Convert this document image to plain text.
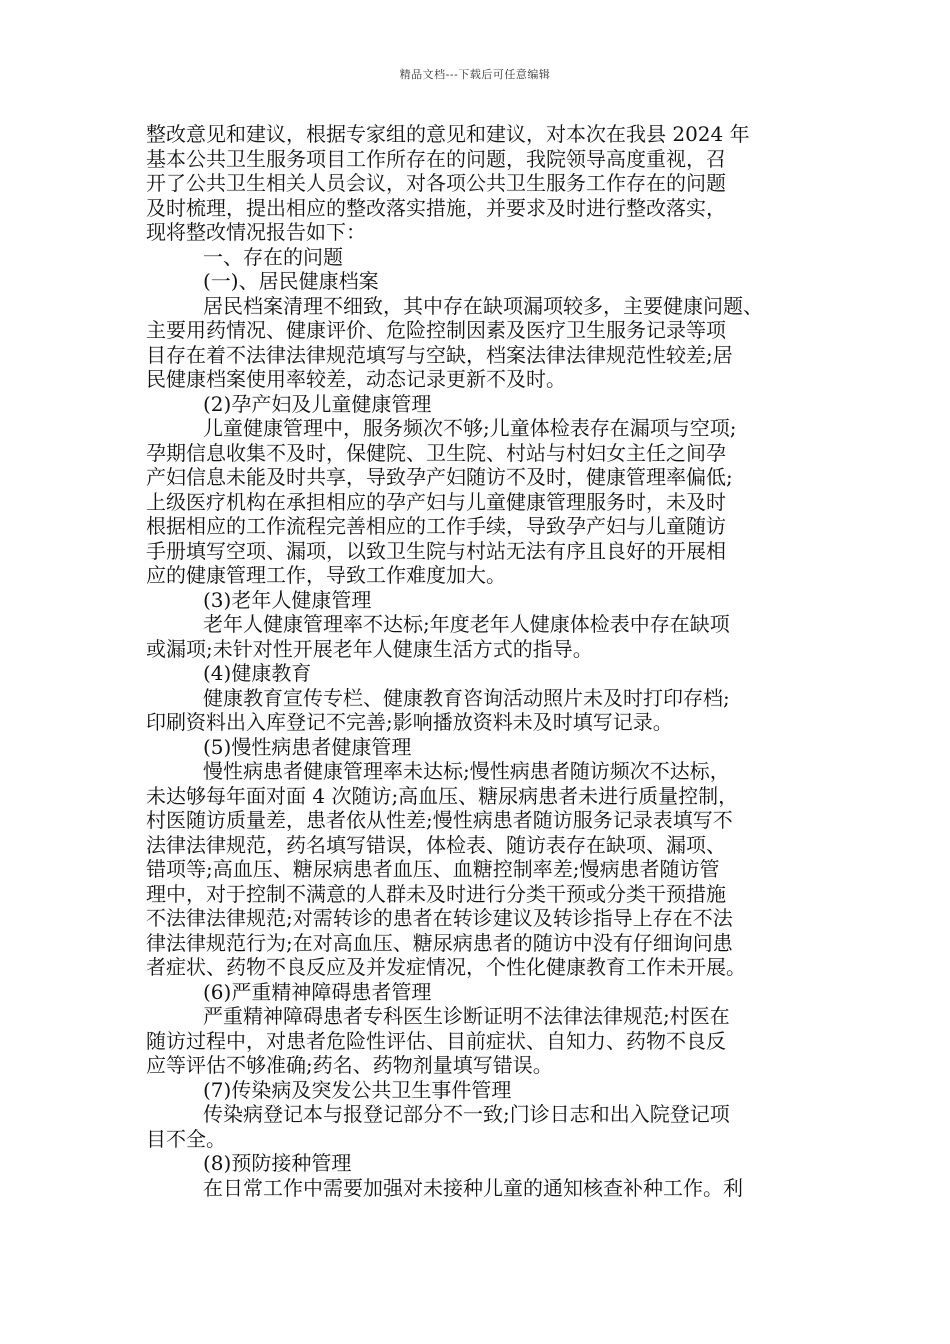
精品文档---下载后可任意编辑
整改意见和建议，根据专家组的意见和建议，对本次在我县 2024 年
基本公共卫生服务项目工作所存在的问题，我院领导高度重视，召
开了公共卫生相关人员会议，对各项公共卫生服务工作存在的问题
及时梳理，提出相应的整改落实措施，并要求及时进行整改落实，
现将整改情况报告如下：
一、存在的问题
(一)、居民健康档案
居民档案清理不细致，其中存在缺项漏项较多，主要健康问题、
主要用药情况、健康评价、危险控制因素及医疗卫生服务记录等项
目存在着不法律法律规范填写与空缺，档案法律法律规范性较差;居
民健康档案使用率较差，动态记录更新不及时。
(2)孕产妇及儿童健康管理
儿童健康管理中，服务频次不够;儿童体检表存在漏项与空项;
孕期信息收集不及时，保健院、卫生院、村站与村妇女主任之间孕
产妇信息未能及时共享，导致孕产妇随访不及时，健康管理率偏低;
上级医疗机构在承担相应的孕产妇与儿童健康管理服务时，未及时
根据相应的工作流程完善相应的工作手续，导致孕产妇与儿童随访
手册填写空项、漏项，以致卫生院与村站无法有序且良好的开展相
应的健康管理工作，导致工作难度加大。
(3)老年人健康管理
老年人健康管理率不达标;年度老年人健康体检表中存在缺项
或漏项;未针对性开展老年人健康生活方式的指导。
(4)健康教育
健康教育宣传专栏、健康教育咨询活动照片未及时打印存档;
印刷资料出入库登记不完善;影响播放资料未及时填写记录。
(5)慢性病患者健康管理
慢性病患者健康管理率未达标;慢性病患者随访频次不达标，
未达够每年面对面 4 次随访;高血压、糖尿病患者未进行质量控制，
村医随访质量差，患者依从性差;慢性病患者随访服务记录表填写不
法律法律规范，药名填写错误，体检表、随访表存在缺项、漏项、
错项等;高血压、糖尿病患者血压、血糖控制率差;慢病患者随访管
理中，对于控制不满意的人群未及时进行分类干预或分类干预措施
不法律法律规范;对需转诊的患者在转诊建议及转诊指导上存在不法
律法律规范行为;在对高血压、糖尿病患者的随访中没有仔细询问患
者症状、药物不良反应及并发症情况，个性化健康教育工作未开展。
(6)严重精神障碍患者管理
严重精神障碍患者专科医生诊断证明不法律法律规范;村医在
随访过程中，对患者危险性评估、目前症状、自知力、药物不良反
应等评估不够准确;药名、药物剂量填写错误。
(7)传染病及突发公共卫生事件管理
传染病登记本与报登记部分不一致;门诊日志和出入院登记项
目不全。
(8)预防接种管理
在日常工作中需要加强对未接种儿童的通知核查补种工作。利
